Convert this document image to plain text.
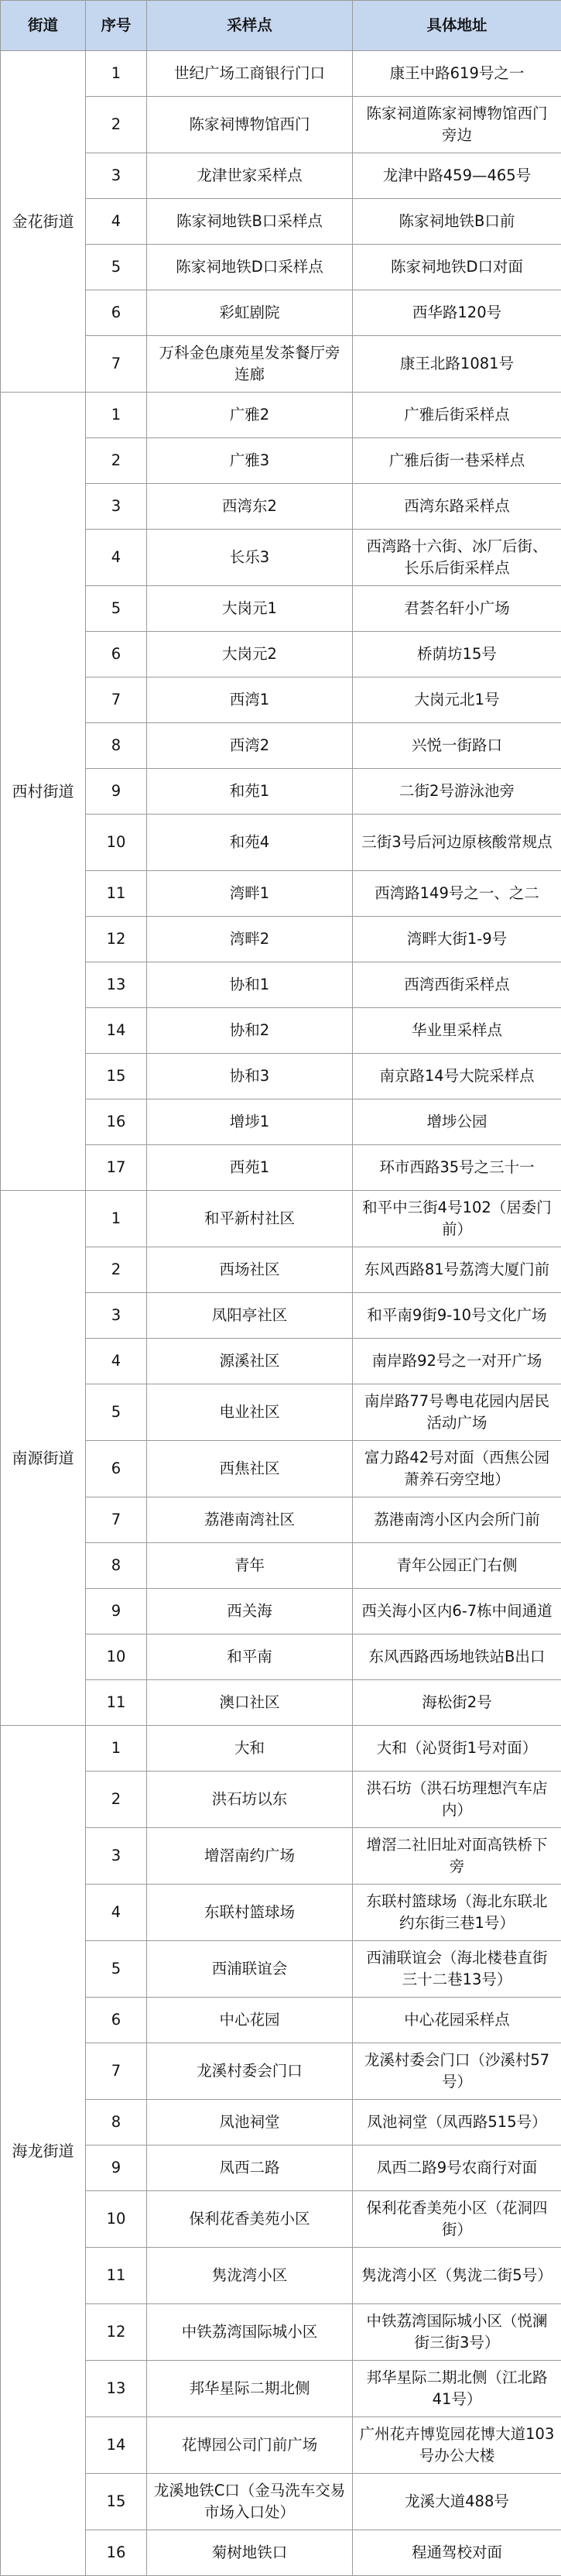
街道	序号	采样点	具体地址
金花街道	1	世纪广场工商银行门口	康王中路619号之一
	2	陈家祠博物馆西门	陈家祠道陈家祠博物馆西门旁边
	3	龙津世家采样点	龙津中路459—465号
	4	陈家祠地铁B口采样点	陈家祠地铁B口前
	5	陈家祠地铁D口采样点	陈家祠地铁D口对面
	6	彩虹剧院	西华路120号
	7	万科金色康苑星发茶餐厅旁连廊	康王北路1081号
西村街道	1	广雅2	广雅后街采样点
	2	广雅3	广雅后街一巷采样点
	3	西湾东2	西湾东路采样点
	4	长乐3	西湾路十六街、冰厂后街、长乐后街采样点
	5	大岗元1	君荟名轩小广场
	6	大岗元2	桥荫坊15号
	7	西湾1	大岗元北1号
	8	西湾2	兴悦一街路口
	9	和苑1	二街2号游泳池旁
	10	和苑4	三街3号后河边原核酸常规点
	11	湾畔1	西湾路149号之一、之二
	12	湾畔2	湾畔大街1-9号
	13	协和1	西湾西街采样点
	14	协和2	华业里采样点
	15	协和3	南京路14号大院采样点
	16	增埗1	增埗公园
	17	西苑1	环市西路35号之三十一
南源街道	1	和平新村社区	和平中三街4号102（居委门前）
	2	西场社区	东风西路81号荔湾大厦门前
	3	凤阳亭社区	和平南9街9-10号文化广场
	4	源溪社区	南岸路92号之一对开广场
	5	电业社区	南岸路77号粤电花园内居民活动广场
	6	西焦社区	富力路42号对面（西焦公园萧养石旁空地）
	7	荔港南湾社区	荔港南湾小区内会所门前
	8	青年	青年公园正门右侧
	9	西关海	西关海小区内6-7栋中间通道
	10	和平南	东风西路西场地铁站B出口
	11	澳口社区	海松街2号
海龙街道	1	大和	大和（沁贤街1号对面）
	2	洪石坊以东	洪石坊（洪石坊理想汽车店内）
	3	增滘南约广场	增滘二社旧址对面高铁桥下旁
	4	东联村篮球场	东联村篮球场（海北东联北约东街三巷1号）
	5	西浦联谊会	西浦联谊会（海北楼巷直街三十二巷13号）
	6	中心花园	中心花园采样点
	7	龙溪村委会门口	龙溪村委会门口（沙溪村57号）
	8	凤池祠堂	凤池祠堂（凤西路515号）
	9	凤西二路	凤西二路9号农商行对面
	10	保利花香美苑小区	保利花香美苑小区（花洞四街）
	11	隽泷湾小区	隽泷湾小区（隽泷二街5号）
	12	中铁荔湾国际城小区	中铁荔湾国际城小区（悦澜街三街3号）
	13	邦华星际二期北侧	邦华星际二期北侧（江北路41号）
	14	花博园公司门前广场	广州花卉博览园花博大道103号办公大楼
	15	龙溪地铁C口（金马洗车交易市场入口处）	龙溪大道488号
	16	菊树地铁口	程通驾校对面
